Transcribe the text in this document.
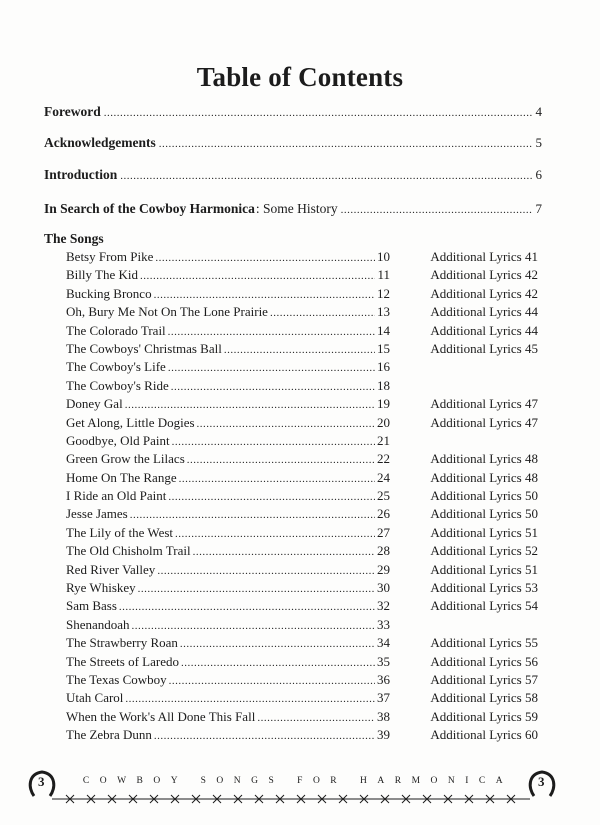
Table of Contents
Foreword .....	4
Acknowledgements .....	5
Introduction .....	6
In Search of the Cowboy Harmonica : Some History .....	7
The Songs
Betsy From Pike .....	10	Additional Lyrics 41
Billy The Kid .....	11	Additional Lyrics 42
Bucking Bronco .....	12	Additional Lyrics 42
Oh, Bury Me Not On The Lone Prairie .....	13	Additional Lyrics 44
The Colorado Trail .....	14	Additional Lyrics 44
The Cowboys' Christmas Ball .....	15	Additional Lyrics 45
The Cowboy's Life .....	16
The Cowboy's Ride .....	18
Doney Gal .....	19	Additional Lyrics 47
Get Along, Little Dogies .....	20	Additional Lyrics 47
Goodbye, Old Paint .....	21
Green Grow the Lilacs .....	22	Additional Lyrics 48
Home On The Range .....	24	Additional Lyrics 48
I Ride an Old Paint .....	25	Additional Lyrics 50
Jesse James .....	26	Additional Lyrics 50
The Lily of the West .....	27	Additional Lyrics 51
The Old Chisholm Trail .....	28	Additional Lyrics 52
Red River Valley .....	29	Additional Lyrics 51
Rye Whiskey .....	30	Additional Lyrics 53
Sam Bass .....	32	Additional Lyrics 54
Shenandoah .....	33
The Strawberry Roan .....	34	Additional Lyrics 55
The Streets of Laredo .....	35	Additional Lyrics 56
The Texas Cowboy .....	36	Additional Lyrics 57
Utah Carol .....	37	Additional Lyrics 58
When the Work's All Done This Fall .....	38	Additional Lyrics 59
The Zebra Dunn .....	39	Additional Lyrics 60
3	COWBOY SONGS FOR HARMONICA	3
